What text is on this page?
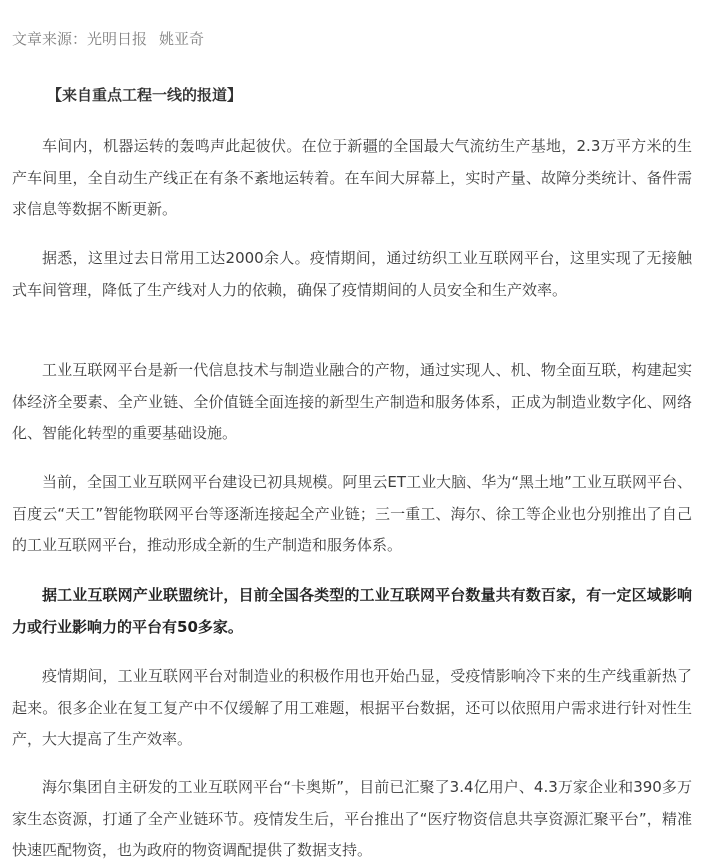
文章来源：光明日报 姚亚奇
【来自重点工程一线的报道】

车间内，机器运转的轰鸣声此起彼伏。在位于新疆的全国最大气流纺生产基地，2.3万平方米的生产车间里，全自动生产线正在有条不紊地运转着。在车间大屏幕上，实时产量、故障分类统计、备件需求信息等数据不断更新。

据悉，这里过去日常用工达2000余人。疫情期间，通过纺织工业互联网平台，这里实现了无接触式车间管理，降低了生产线对人力的依赖，确保了疫情期间的人员安全和生产效率。

工业互联网平台是新一代信息技术与制造业融合的产物，通过实现人、机、物全面互联，构建起实体经济全要素、全产业链、全价值链全面连接的新型生产制造和服务体系，正成为制造业数字化、网络化、智能化转型的重要基础设施。

当前，全国工业互联网平台建设已初具规模。阿里云ET工业大脑、华为“黑土地”工业互联网平台、百度云“天工”智能物联网平台等逐渐连接起全产业链；三一重工、海尔、徐工等企业也分别推出了自己的工业互联网平台，推动形成全新的生产制造和服务体系。

据工业互联网产业联盟统计，目前全国各类型的工业互联网平台数量共有数百家，有一定区域影响力或行业影响力的平台有50多家。

疫情期间，工业互联网平台对制造业的积极作用也开始凸显，受疫情影响冷下来的生产线重新热了起来。很多企业在复工复产中不仅缓解了用工难题，根据平台数据，还可以依照用户需求进行针对性生产，大大提高了生产效率。

海尔集团自主研发的工业互联网平台“卡奥斯”，目前已汇聚了3.4亿用户、4.3万家企业和390多万家生态资源，打通了全产业链环节。疫情发生后，平台推出了“医疗物资信息共享资源汇聚平台”，精准快速匹配物资，也为政府的物资调配提供了数据支持。
